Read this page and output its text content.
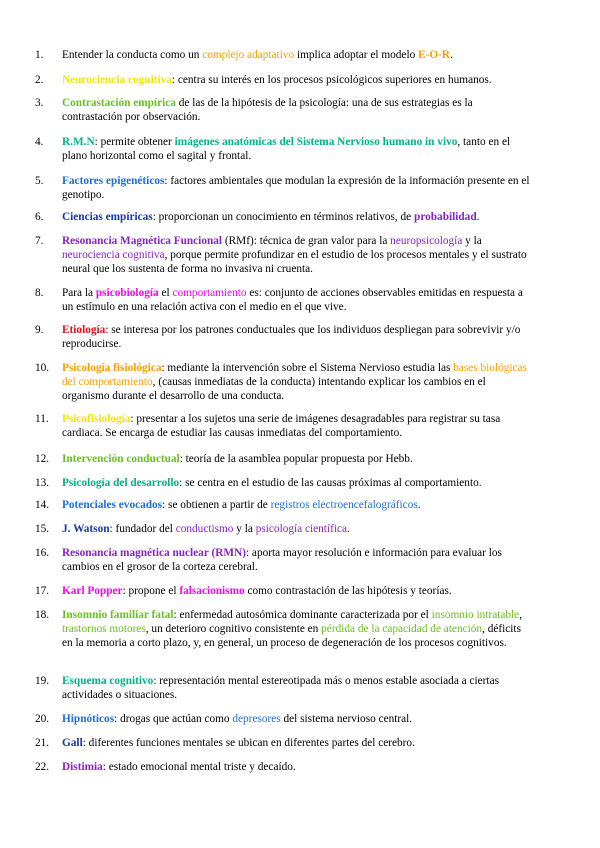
1.	Entender la conducta como un complejo adaptativo implica adoptar el modelo E-O-R.
2.	Neurociencia cognitiva: centra su interés en los procesos psicológicos superiores en humanos.
3.	Contrastación empírica de las de la hipótesis de la psicología: una de sus estrategias es la contrastación por observación.
4.	R.M.N: permite obtener imágenes anatómicas del Sistema Nervioso humano in vivo, tanto en el plano horizontal como el sagital y frontal.
5.	Factores epigenéticos: factores ambientales que modulan la expresión de la información presente en el genotipo.
6.	Ciencias empíricas: proporcionan un conocimiento en términos relativos, de probabilidad.
7.	Resonancia Magnética Funcional (RMf): técnica de gran valor para la neuropsicología y la neurociencia cognitiva, porque permite profundizar en el estudio de los procesos mentales y el sustrato neural que los sustenta de forma no invasiva ni cruenta.
8.	Para la psicobiología el comportamiento es: conjunto de acciones observables emitidas en respuesta a un estímulo en una relación activa con el medio en el que vive.
9.	Etiología: se interesa por los patrones conductuales que los individuos despliegan para sobrevivir y/o reproducirse.
10.	Psicología fisiológica: mediante la intervención sobre el Sistema Nervioso estudia las bases biológicas del comportamiento, (causas inmediatas de la conducta) intentando explicar los cambios en el organismo durante el desarrollo de una conducta.
11.	Psicofisiología: presentar a los sujetos una serie de imágenes desagradables para registrar su tasa cardiaca. Se encarga de estudiar las causas inmediatas del comportamiento.
12.	Intervención conductual: teoría de la asamblea popular propuesta por Hebb.
13.	Psicología del desarrollo: se centra en el estudio de las causas próximas al comportamiento.
14.	Potenciales evocados: se obtienen a partir de registros electroencefalográficos.
15.	J. Watson: fundador del conductismo y la psicología científica.
16.	Resonancia magnética nuclear (RMN): aporta mayor resolución e información para evaluar los cambios en el grosor de la corteza cerebral.
17.	Karl Popper: propone el falsacionismo como contrastación de las hipótesis y teorías.
18.	Insomnio familiar fatal: enfermedad autosómica dominante caracterizada por el insomnio intratable, trastornos motores, un deterioro cognitivo consistente en pérdida de la capacidad de atención, déficits en la memoria a corto plazo, y, en general, un proceso de degeneración de los procesos cognitivos.
19.	Esquema cognitivo: representación mental estereotipada más o menos estable asociada a ciertas actividades o situaciones.
20.	Hipnóticos: drogas que actúan como depresores del sistema nervioso central.
21.	Gall: diferentes funciones mentales se ubican en diferentes partes del cerebro.
22.	Distimia: estado emocional mental triste y decaído.
